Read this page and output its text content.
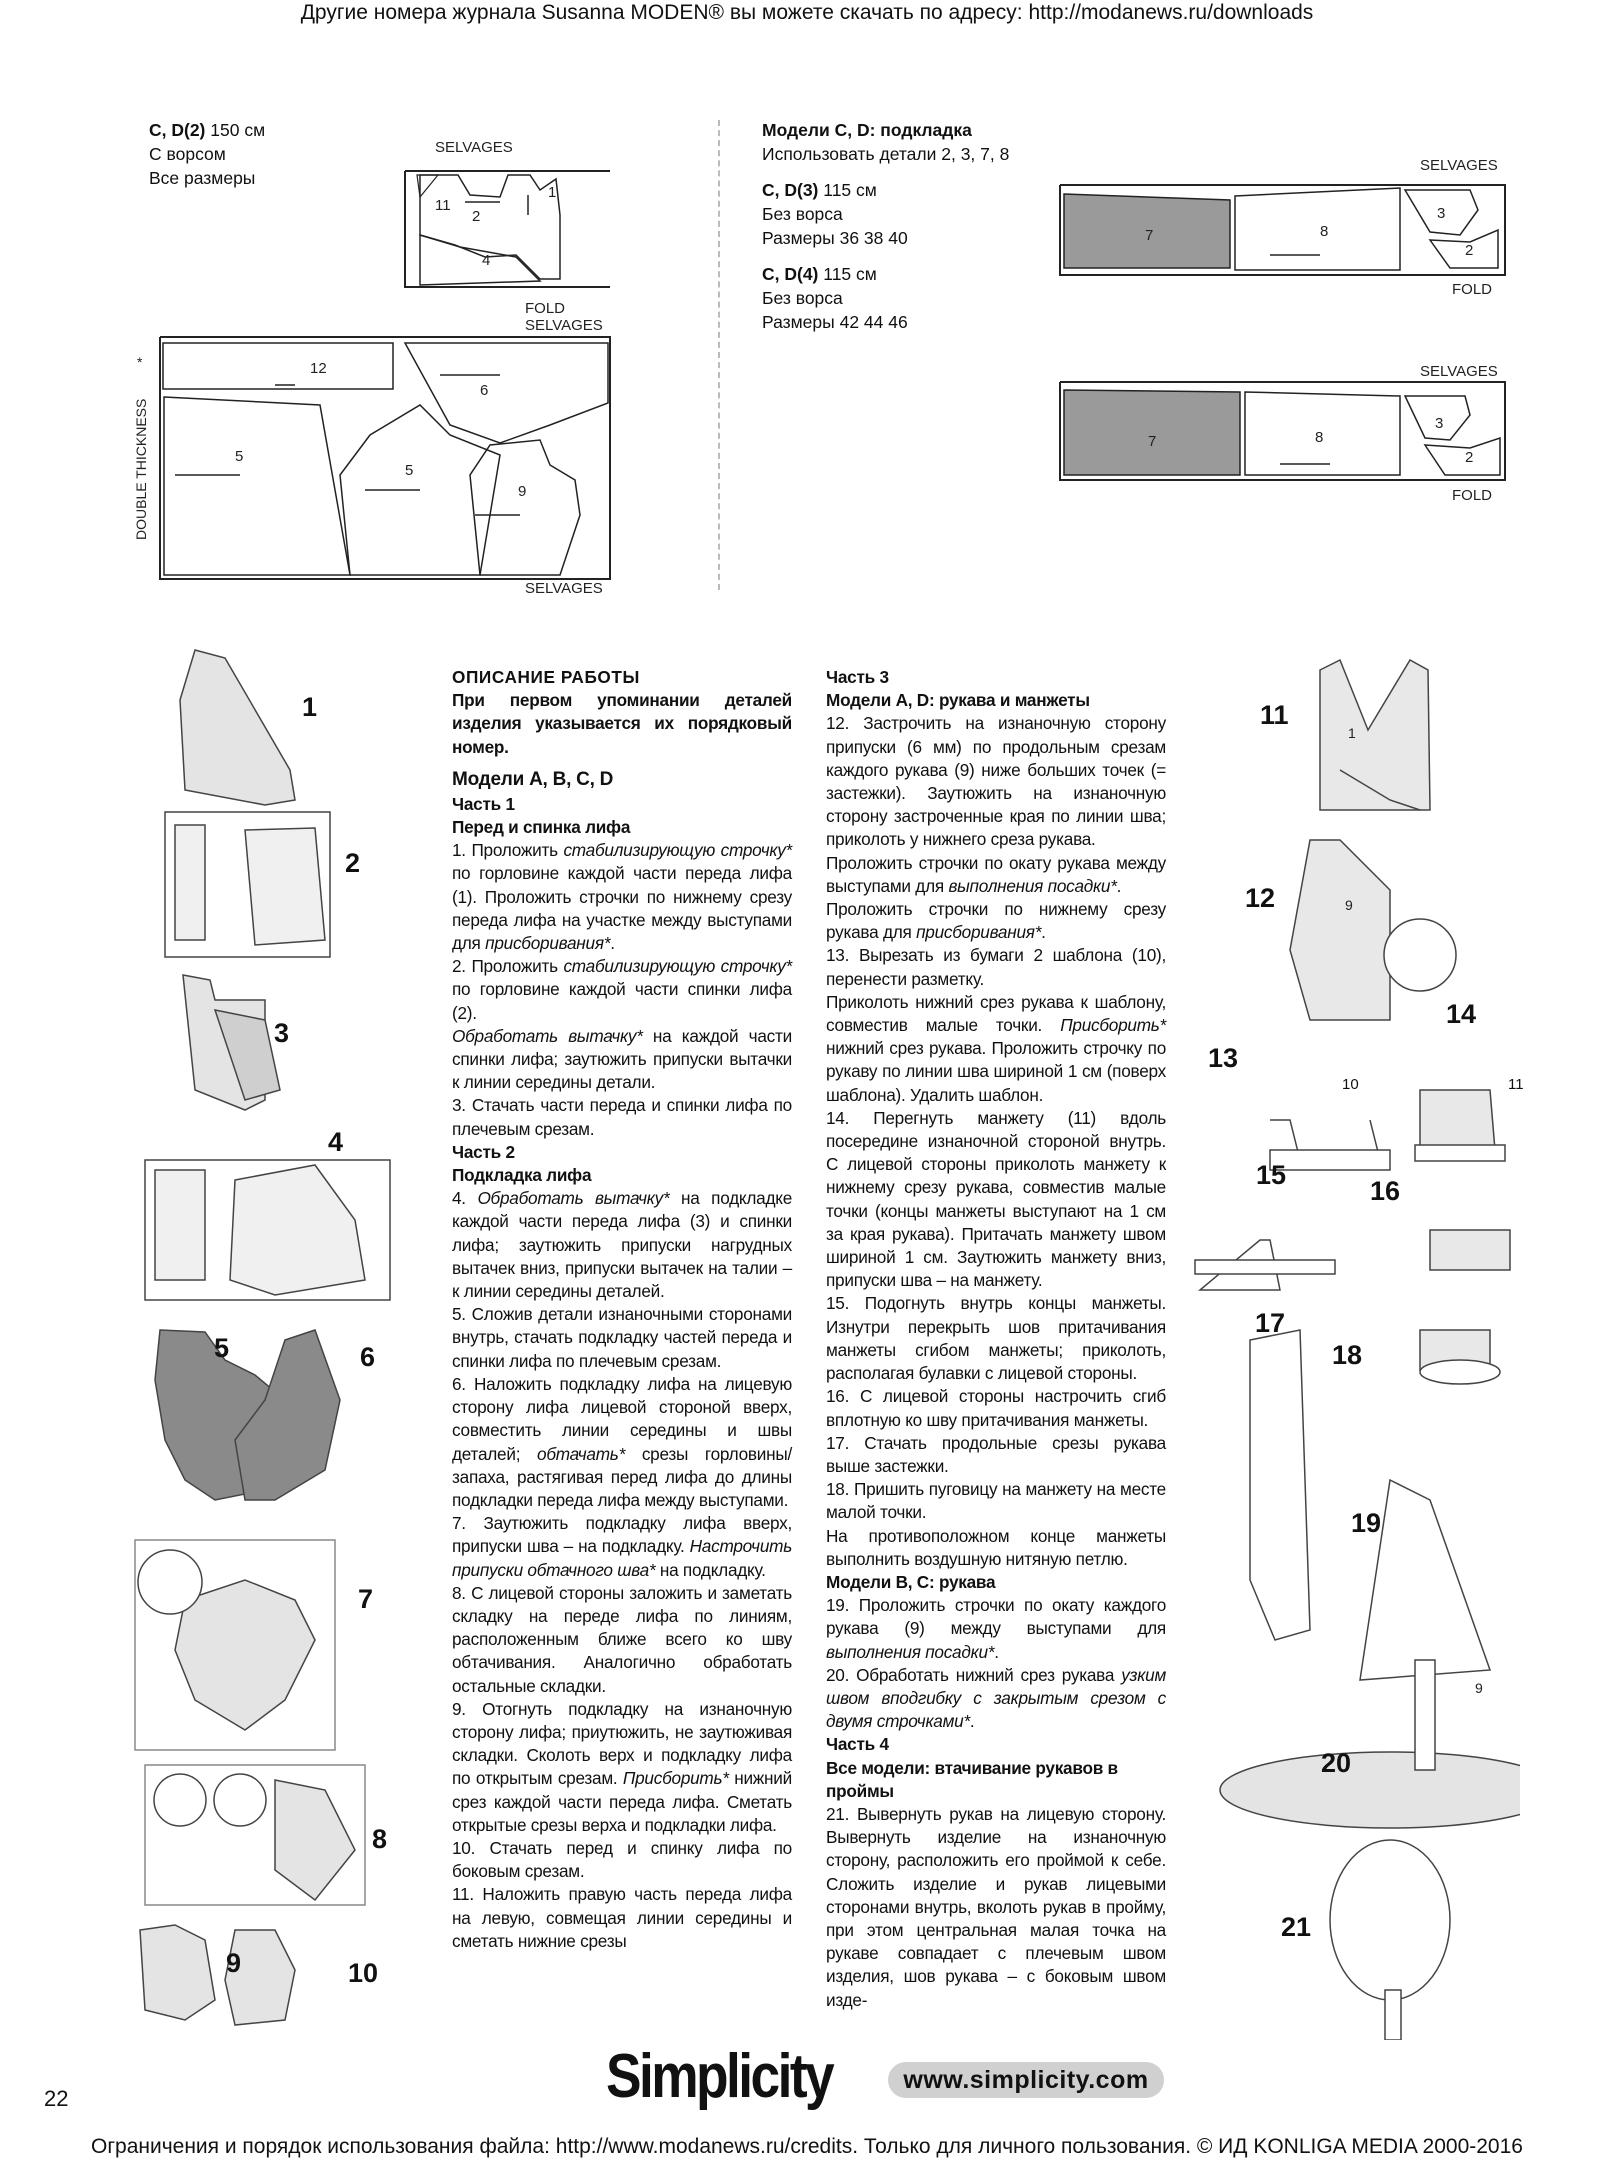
Другие номера журнала Susanna MODEN® вы можете скачать по адресу: http://modanews.ru/downloads
C, D(2) 150 см
С ворсом
Все размеры
SELVAGES
FOLD
SELVAGES
SELVAGES
DOUBLE THICKNESS
*
11
1
2
4
12
6
5
5
9
Модели C, D: подкладка
Использовать детали 2, 3, 7, 8
C, D(3) 115 см
Без ворса
Размеры 36 38 40
C, D(4) 115 см
Без ворса
Размеры 42 44 46
SELVAGES
FOLD
SELVAGES
FOLD
7	8
3
2
7	8
3
2
1
2
3
4
5	6
7
8
9	10

ОПИСАНИЕ РАБОТЫ

При первом упоминании деталей изделия указывается их порядковый номер.

Модели A, B, C, D

Часть 1

Перед и спинка лифа

1. Проложить стабилизирующую строчку* по горловине каждой части переда лифа (1). Проложить строчки по нижнему срезу переда лифа на участке между выступами для присборивания*.

2. Проложить стабилизирующую строчку* по горловине каждой части спинки лифа (2).

Обработать вытачку* на каждой части спинки лифа; заутюжить припуски вытачки к линии середины детали.

3. Стачать части переда и спинки лифа по плечевым срезам.

Часть 2

Подкладка лифа

4. Обработать вытачку* на подкладке каждой части переда лифа (3) и спинки лифа; заутюжить припуски нагрудных вытачек вниз, припуски вытачек на талии – к линии середины деталей.

5. Сложив детали изнаночными сторонами внутрь, стачать подкладку частей переда и спинки лифа по плечевым срезам.

6. Наложить подкладку лифа на лицевую сторону лифа лицевой стороной вверх, совместить линии середины и швы деталей; обтачать* срезы горловины/запаха, растягивая перед лифа до длины подкладки переда лифа между выступами.

7. Заутюжить подкладку лифа вверх, припуски шва – на подкладку. Настрочить припуски обтачного шва* на подкладку.

8. С лицевой стороны заложить и заметать складку на переде лифа по линиям, расположенным ближе всего ко шву обтачивания. Аналогично обработать остальные складки.

9. Отогнуть подкладку на изнаночную сторону лифа; приутюжить, не заутюживая складки. Сколоть верх и подкладку лифа по открытым срезам. Присборить* нижний срез каждой части переда лифа. Сметать открытые срезы верха и подкладки лифа.

10. Стачать перед и спинку лифа по боковым срезам.

11. Наложить правую часть переда лифа на левую, совмещая линии середины и сметать нижние срезы

Часть 3

Модели A, D: рукава и манжеты

12. Застрочить на изнаночную сторону припуски (6 мм) по продольным срезам каждого рукава (9) ниже больших точек (= застежки). Заутюжить на изнаночную сторону застроченные края по линии шва; приколоть у нижнего среза рукава.

Проложить строчки по окату рукава между выступами для выполнения посадки*.

Проложить строчки по нижнему срезу рукава для присборивания*.

13. Вырезать из бумаги 2 шаблона (10), перенести разметку.

Приколоть нижний срез рукава к шаблону, совместив малые точки. Присборить* нижний срез рукава. Проложить строчку по рукаву по линии шва шириной 1 см (поверх шаблона). Удалить шаблон.

14. Перегнуть манжету (11) вдоль посередине изнаночной стороной внутрь. С лицевой стороны приколоть манжету к нижнему срезу рукава, совместив малые точки (концы манжеты выступают на 1 см за края рукава). Притачать манжету швом шириной 1 см. Заутюжить манжету вниз, припуски шва – на манжету.

15. Подогнуть внутрь концы манжеты. Изнутри перекрыть шов притачивания манжеты сгибом манжеты; приколоть, располагая булавки с лицевой стороны.

16. С лицевой стороны настрочить сгиб вплотную ко шву притачивания манжеты.

17. Стачать продольные срезы рукава выше застежки.

18. Пришить пуговицу на манжету на месте малой точки.

На противоположном конце манжеты выполнить воздушную нитяную петлю.

Модели B, C: рукава

19. Проложить строчки по окату каждого рукава (9) между выступами для выполнения посадки*.

20. Обработать нижний срез рукава узким швом вподгибку с закрытым срезом с двумя строчками*.

Часть 4

Все модели: втачивание рукавов в проймы

21. Вывернуть рукав на лицевую сторону. Вывернуть изделие на изнаночную сторону, расположить его проймой к себе. Сложить изделие и рукав лицевыми сторонами внутрь, вколоть рукав в пройму, при этом центральная малая точка на рукаве совпадает с плечевым швом изделия, шов рукава – с боковым швом изде-

1
9
9
10	11
11
12
13
14
15
16
17
18
19
20
21
Simplicity	www.simplicity.com
22
Ограничения и порядок использования файла: http://www.modanews.ru/credits. Только для личного пользования. © ИД KONLIGA MEDIA 2000-2016
